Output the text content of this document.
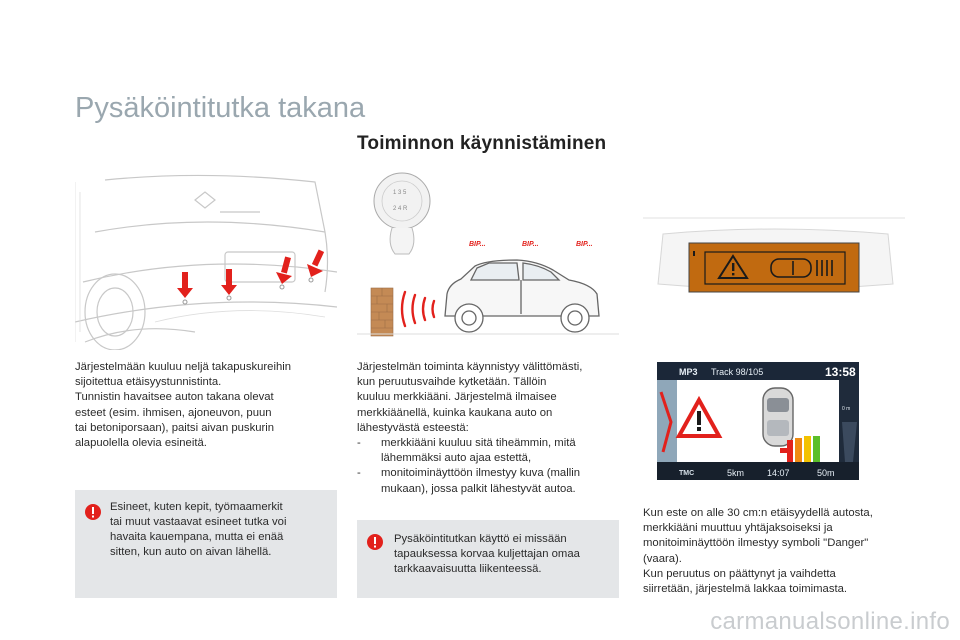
Pysäköintitutka takana
Toiminnon käynnistäminen

Järjestelmään kuuluu neljä takapuskureihin

sijoitettua etäisyystunnistinta.

Tunnistin havaitsee auton takana olevat

esteet (esim. ihmisen, ajoneuvon, puun

tai betoniporsaan), paitsi aivan puskurin

alapuolella olevia esineitä.

Esineet, kuten kepit, työmaamerkit

tai muut vastaavat esineet tutka voi

havaita kauempana, mutta ei enää

sitten, kun auto on aivan lähellä.

1 3 5
2 4 R
BIP...	BIP...	BIP...

Järjestelmän toiminta käynnistyy välittömästi,

kun peruutusvaihde kytketään. Tällöin

kuuluu merkkiääni. Järjestelmä ilmaisee

merkkiäänellä, kuinka kaukana auto on

lähestyvästä esteestä:

-	merkkiääni kuuluu sitä tiheämmin, mitä

lähemmäksi auto ajaa estettä,

-	monitoiminäyttöön ilmestyy kuva (mallin

mukaan), jossa palkit lähestyvät autoa.

Pysäköintitutkan käyttö ei missään

tapauksessa korvaa kuljettajan omaa

tarkkaavaisuutta liikenteessä.

MP3 Track 98/105	13:58
0 m
TMC	5km	14:07	50m

Kun este on alle 30 cm:n etäisyydellä autosta,

merkkiääni muuttuu yhtäjaksoiseksi ja

monitoiminäyttöön ilmestyy symboli "Danger"

(vaara).

Kun peruutus on päättynyt ja vaihdetta

siirretään, järjestelmä lakkaa toimimasta.

carmanualsonline.info
